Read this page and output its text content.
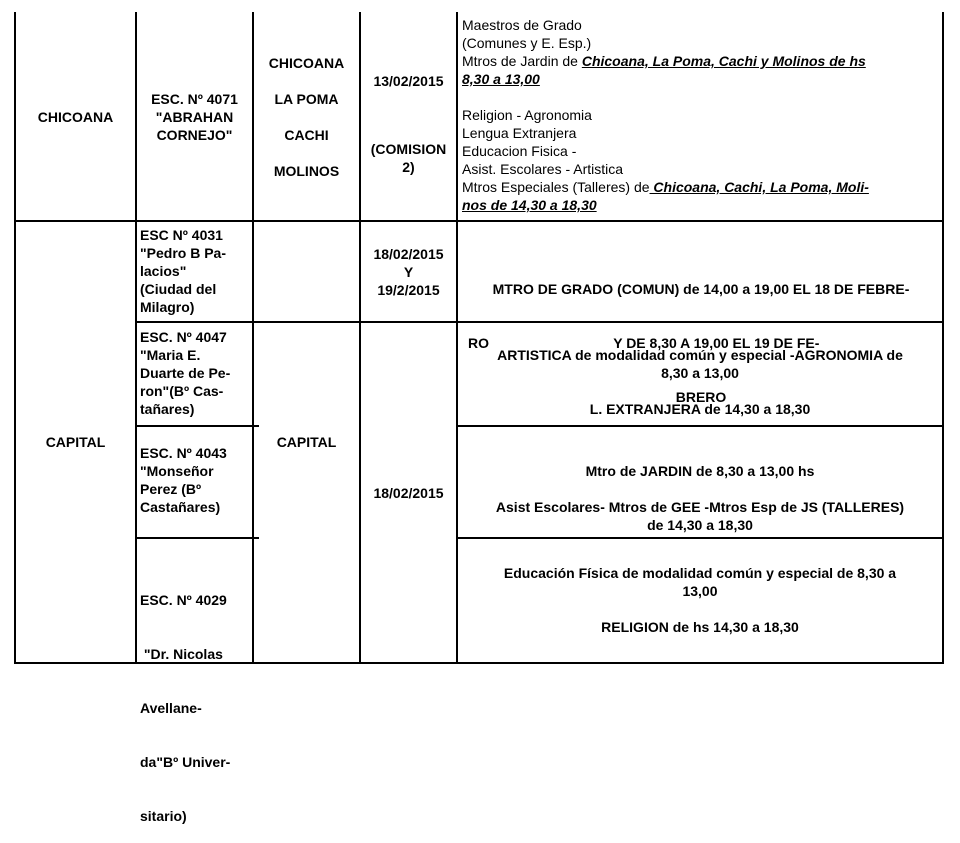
CHICOANA
ESC. Nº 4071
"ABRAHAN
CORNEJO"
CHICOANA
LA POMA
CACHI
MOLINOS
13/02/2015
(COMISION
2)

Maestros de Grado

(Comunes y E. Esp.)

Mtros de Jardin de Chicoana, La Poma, Cachi y Molinos de hs

8,30 a 13,00

Religion - Agronomia

Lengua Extranjera

Educacion Fisica -

Asist. Escolares - Artistica

Mtros Especiales (Talleres) de Chicoana, Cachi, La Poma, Moli-

nos de 14,30 a 18,30

CAPITAL	CAPITAL
ESC Nº 4031
"Pedro B Pa-
lacios"
(Ciudad del
Milagro)
18/02/2015
Y
19/2/2015

	MTRO DE GRADO (COMUN) de 14,00 a 19,00 EL 18 DE FEBRE-

RO                                Y DE 8,30 A 19,00 EL 19 DE FE-

BRERO

ESC. Nº 4047
"Maria E.
Duarte de Pe-
ron"(Bº Cas-
tañares)
ARTISTICA de modalidad común y especial -AGRONOMIA de
8,30 a 13,00
L. EXTRANJERA de 14,30 a 18,30
ESC. Nº 4043
"Monseñor
Perez (Bº
Castañares)
18/02/2015
Mtro de JARDIN de 8,30 a 13,00 hs
Asist Escolares- Mtros de GEE -Mtros Esp de JS (TALLERES)
de 14,30 a 18,30

ESC. Nº 4029

"Dr. Nicolas

Avellane-

da"Bº Univer-

sitario)

Educación Física de modalidad común y especial de 8,30 a
13,00
RELIGION de hs 14,30 a 18,30
